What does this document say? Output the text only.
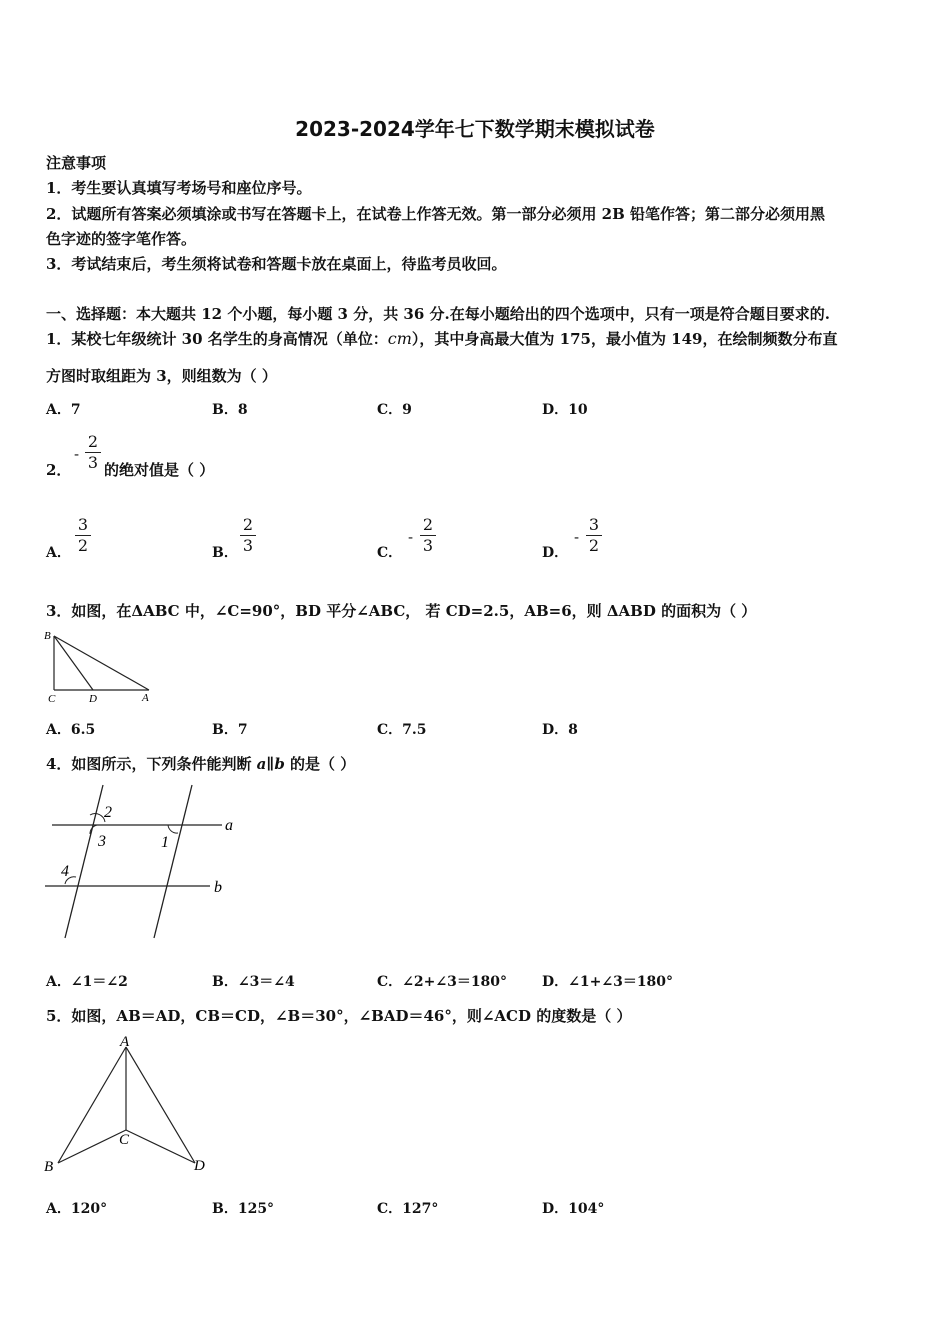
2023-2024学年七下数学期末模拟试卷
注意事项
1．考生要认真填写考场号和座位序号。
2．试题所有答案必须填涂或书写在答题卡上，在试卷上作答无效。第一部分必须用 2B 铅笔作答；第二部分必须用黑
色字迹的签字笔作答。
3．考试结束后，考生须将试卷和答题卡放在桌面上，待监考员收回。
一、选择题：本大题共 12 个小题，每小题 3 分，共 36 分.在每小题给出的四个选项中，只有一项是符合题目要求的.
1．某校七年级统计 30 名学生的身高情况（单位：cm），其中身高最大值为 175，最小值为 149，在绘制频数分布直
方图时取组距为 3，则组数为（ ）
A．7	B．8	C．9	D．10
2．
-
2
3 的绝对值是（ ）
A．
3
2	B．
2
3	C．
-
2
3	D．
-
3
2
3．如图，在ΔABC 中，∠C=90°，BD 平分∠ABC， 若 CD=2.5，AB=6，则 ΔABD 的面积为（ ）
B
C	D	A
A．6.5	B．7	C．7.5	D．8
4．如图所示，下列条件能判断 a∥b 的是（ ）
2
3	1
4
a
b
A．∠1＝∠2	B．∠3＝∠4	C．∠2+∠3＝180° D．∠1+∠3＝180°
5．如图，AB＝AD，CB＝CD，∠B＝30°，∠BAD＝46°，则∠ACD 的度数是（ ）
A
B
C
D
A．120°	B．125°	C．127°	D．104°
